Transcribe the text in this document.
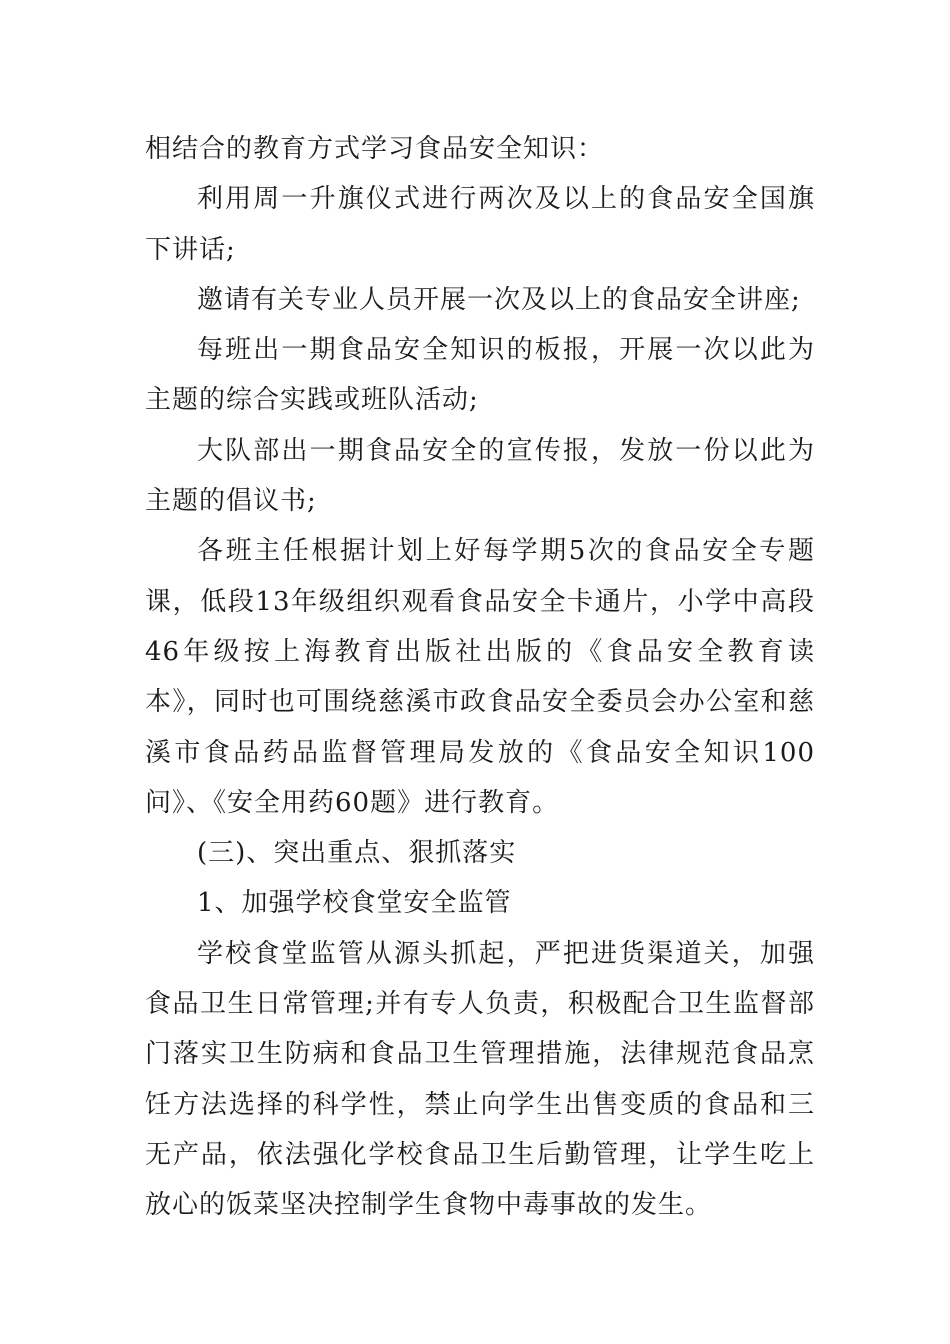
相结合的教育方式学习食品安全知识：

利用周一升旗仪式进行两次及以上的食品安全国旗下讲话;

邀请有关专业人员开展一次及以上的食品安全讲座;

每班出一期食品安全知识的板报，开展一次以此为主题的综合实践或班队活动;

大队部出一期食品安全的宣传报，发放一份以此为主题的倡议书;

各班主任根据计划上好每学期5次的食品安全专题课，低段13年级组织观看食品安全卡通片，小学中高段46年级按上海教育出版社出版的《食品安全教育读本》，同时也可围绕慈溪市政食品安全委员会办公室和慈溪市食品药品监督管理局发放的《食品安全知识100问》、《安全用药60题》进行教育。

(三)、突出重点、狠抓落实

1、加强学校食堂安全监管

学校食堂监管从源头抓起，严把进货渠道关，加强食品卫生日常管理;并有专人负责，积极配合卫生监督部门落实卫生防病和食品卫生管理措施，法律规范食品烹饪方法选择的科学性，禁止向学生出售变质的食品和三无产品，依法强化学校食品卫生后勤管理，让学生吃上放心的饭菜坚决控制学生食物中毒事故的发生。
